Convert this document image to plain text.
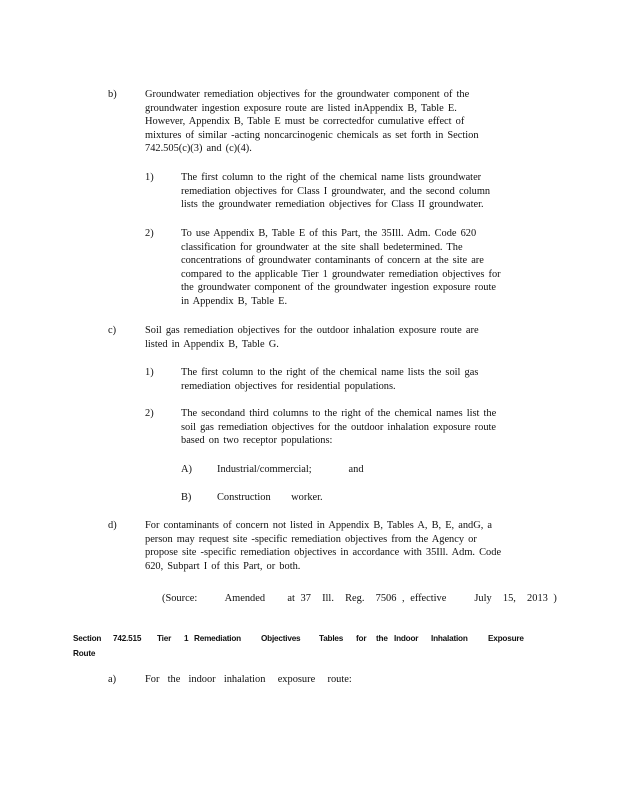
b)	Groundwater remediation objectives for the groundwater component of the
groundwater ingestion exposure route are listed inAppendix B, Table E.
However, Appendix B, Table E must be correctedfor cumulative effect of
mixtures of similar -acting noncarcinogenic chemicals as set forth in Section
742.505(c)(3) and (c)(4).
1)	The first column to the right of the chemical name lists groundwater
remediation objectives for Class I groundwater, and the second column
lists the groundwater remediation objectives for Class II groundwater.
2)	To use Appendix B, Table E of this Part, the 35Ill. Adm. Code 620
classification for groundwater at the site shall bedetermined. The
concentrations of groundwater contaminants of concern at the site are
compared to the applicable Tier 1 groundwater remediation objectives for
the groundwater component of the groundwater ingestion exposure route
in Appendix B, Table E.
c)	Soil gas remediation objectives for the outdoor inhalation exposure route are
listed in Appendix B, Table G.
1)	The first column to the right of the chemical name lists the soil gas
remediation objectives for residential populations.
2)	The secondand third columns to the right of the chemical names list the
soil gas remediation objectives for the outdoor inhalation exposure route
based on two receptor populations:
A)	Industrial/commercial;         and
B)	Construction     worker.
d)	For contaminants of concern not listed in Appendix B, Tables A, B, E, andG, a
person may request site -specific remediation objectives from the Agency or
propose site -specific remediation objectives in accordance with 35Ill. Adm. Code
620, Subpart I of this Part, or both.
(Source:     Amended    at 37  Ill.  Reg.  7506 , effective     July  15,  2013 )
Section 742.515 Tier 1 Remediation Objectives Tables for the Indoor Inhalation Exposure
Route
a)	For  the  indoor  inhalation   exposure   route:
